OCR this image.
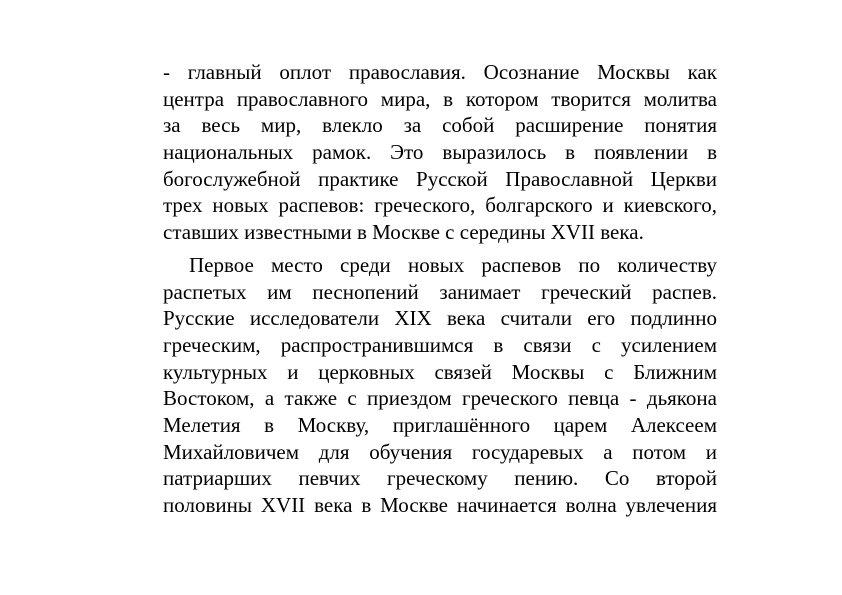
- главный оплот православия. Осознание Москвы как
центра православного мира, в котором творится молитва
за весь мир, влекло за собой расширение понятия
национальных рамок. Это выразилось в появлении в
богослужебной практике Русской Православной Церкви
трех новых распевов: греческого, болгарского и киевского,
ставших известными в Москве с середины XVII века.
Первое место среди новых распевов по количеству
распетых им песнопений занимает греческий распев.
Русские исследователи XIX века считали его подлинно
греческим, распространившимся в связи с усилением
культурных и церковных связей Москвы с Ближним
Востоком, а также с приездом греческого певца - дьякона
Мелетия в Москву, приглашённого царем Алексеем
Михайловичем для обучения государевых а потом и
патриарших певчих греческому пению. Со второй
половины XVII века в Москве начинается волна увлечения
